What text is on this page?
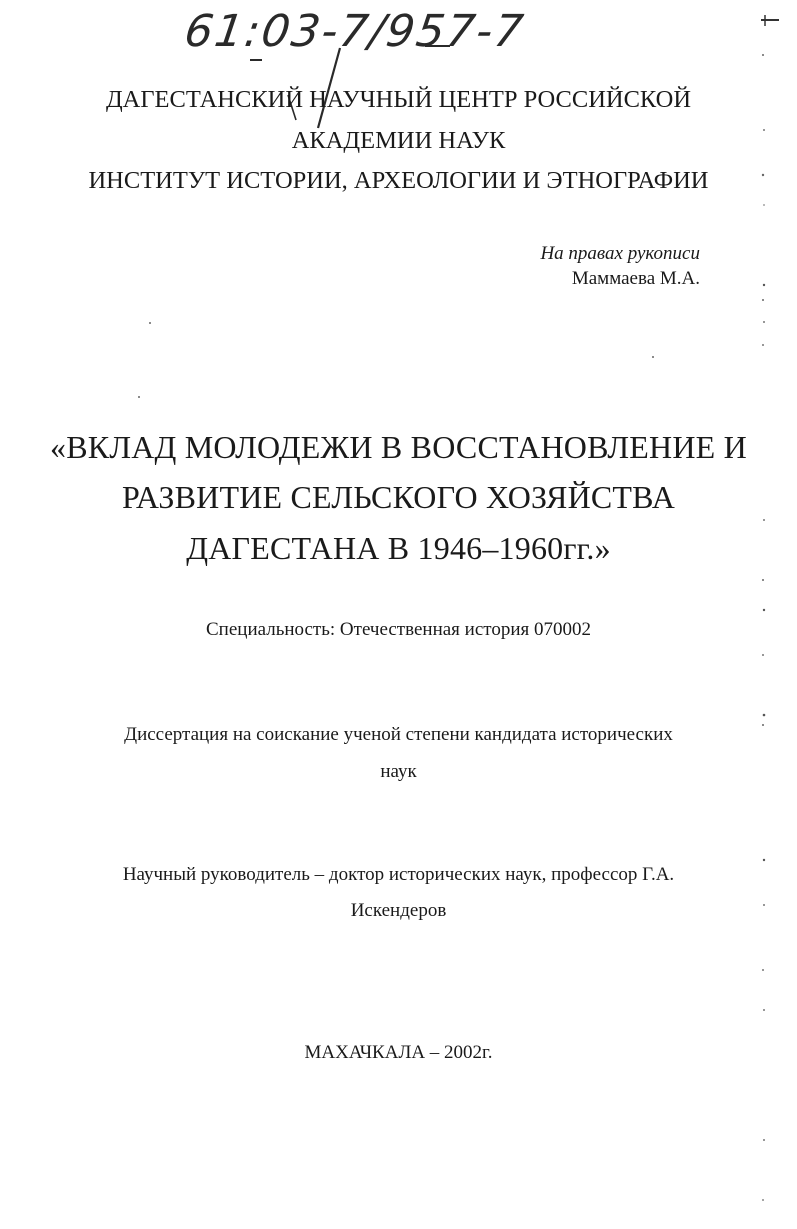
61:03-7/957-7
ДАГЕСТАНСКИЙ НАУЧНЫЙ ЦЕНТР РОССИЙСКОЙ
АКАДЕМИИ НАУК
ИНСТИТУТ ИСТОРИИ, АРХЕОЛОГИИ И ЭТНОГРАФИИ
На правах рукописи
Маммаева М.А.
«ВКЛАД МОЛОДЕЖИ В ВОССТАНОВЛЕНИЕ И
РАЗВИТИЕ СЕЛЬСКОГО ХОЗЯЙСТВА
ДАГЕСТАНА В 1946–1960гг.»
Специальность: Отечественная история 070002
Диссертация на соискание ученой степени кандидата исторических
наук
Научный руководитель – доктор исторических наук, профессор Г.А.
Искендеров
МАХАЧКАЛА – 2002г.
